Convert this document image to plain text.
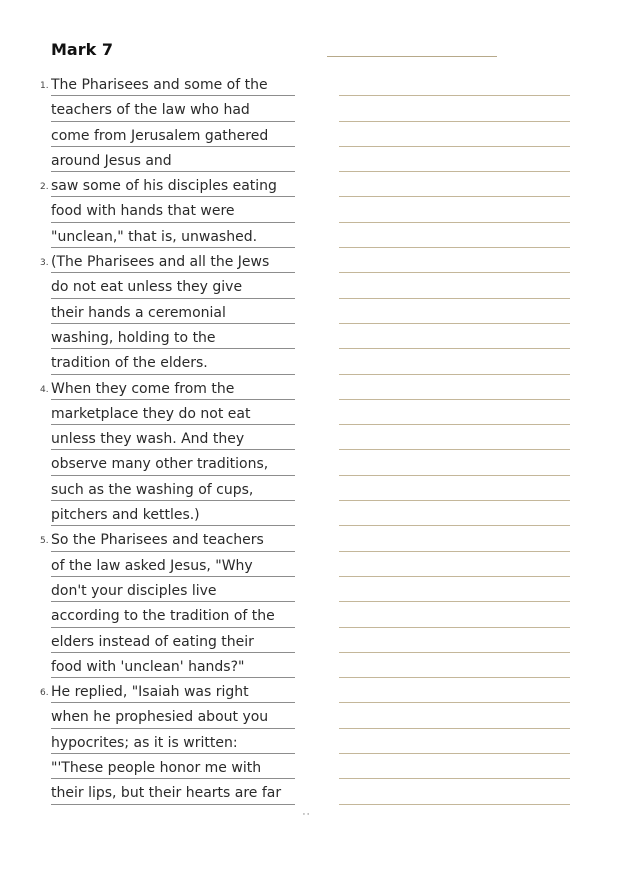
Mark 7
1. The Pharisees and some of the
teachers of the law who had
come from Jerusalem gathered
around Jesus and
2. saw some of his disciples eating
food with hands that were
"unclean," that is, unwashed.
3. (The Pharisees and all the Jews
do not eat unless they give
their hands a ceremonial
washing, holding to the
tradition of the elders.
4. When they come from the
marketplace they do not eat
unless they wash. And they
observe many other traditions,
such as the washing of cups,
pitchers and kettles.)
5. So the Pharisees and teachers
of the law asked Jesus, "Why
don't your disciples live
according to the tradition of the
elders instead of eating their
food with 'unclean' hands?"
6. He replied, "Isaiah was right
when he prophesied about you
hypocrites; as it is written:
"'These people honor me with
their lips, but their hearts are far
' '
